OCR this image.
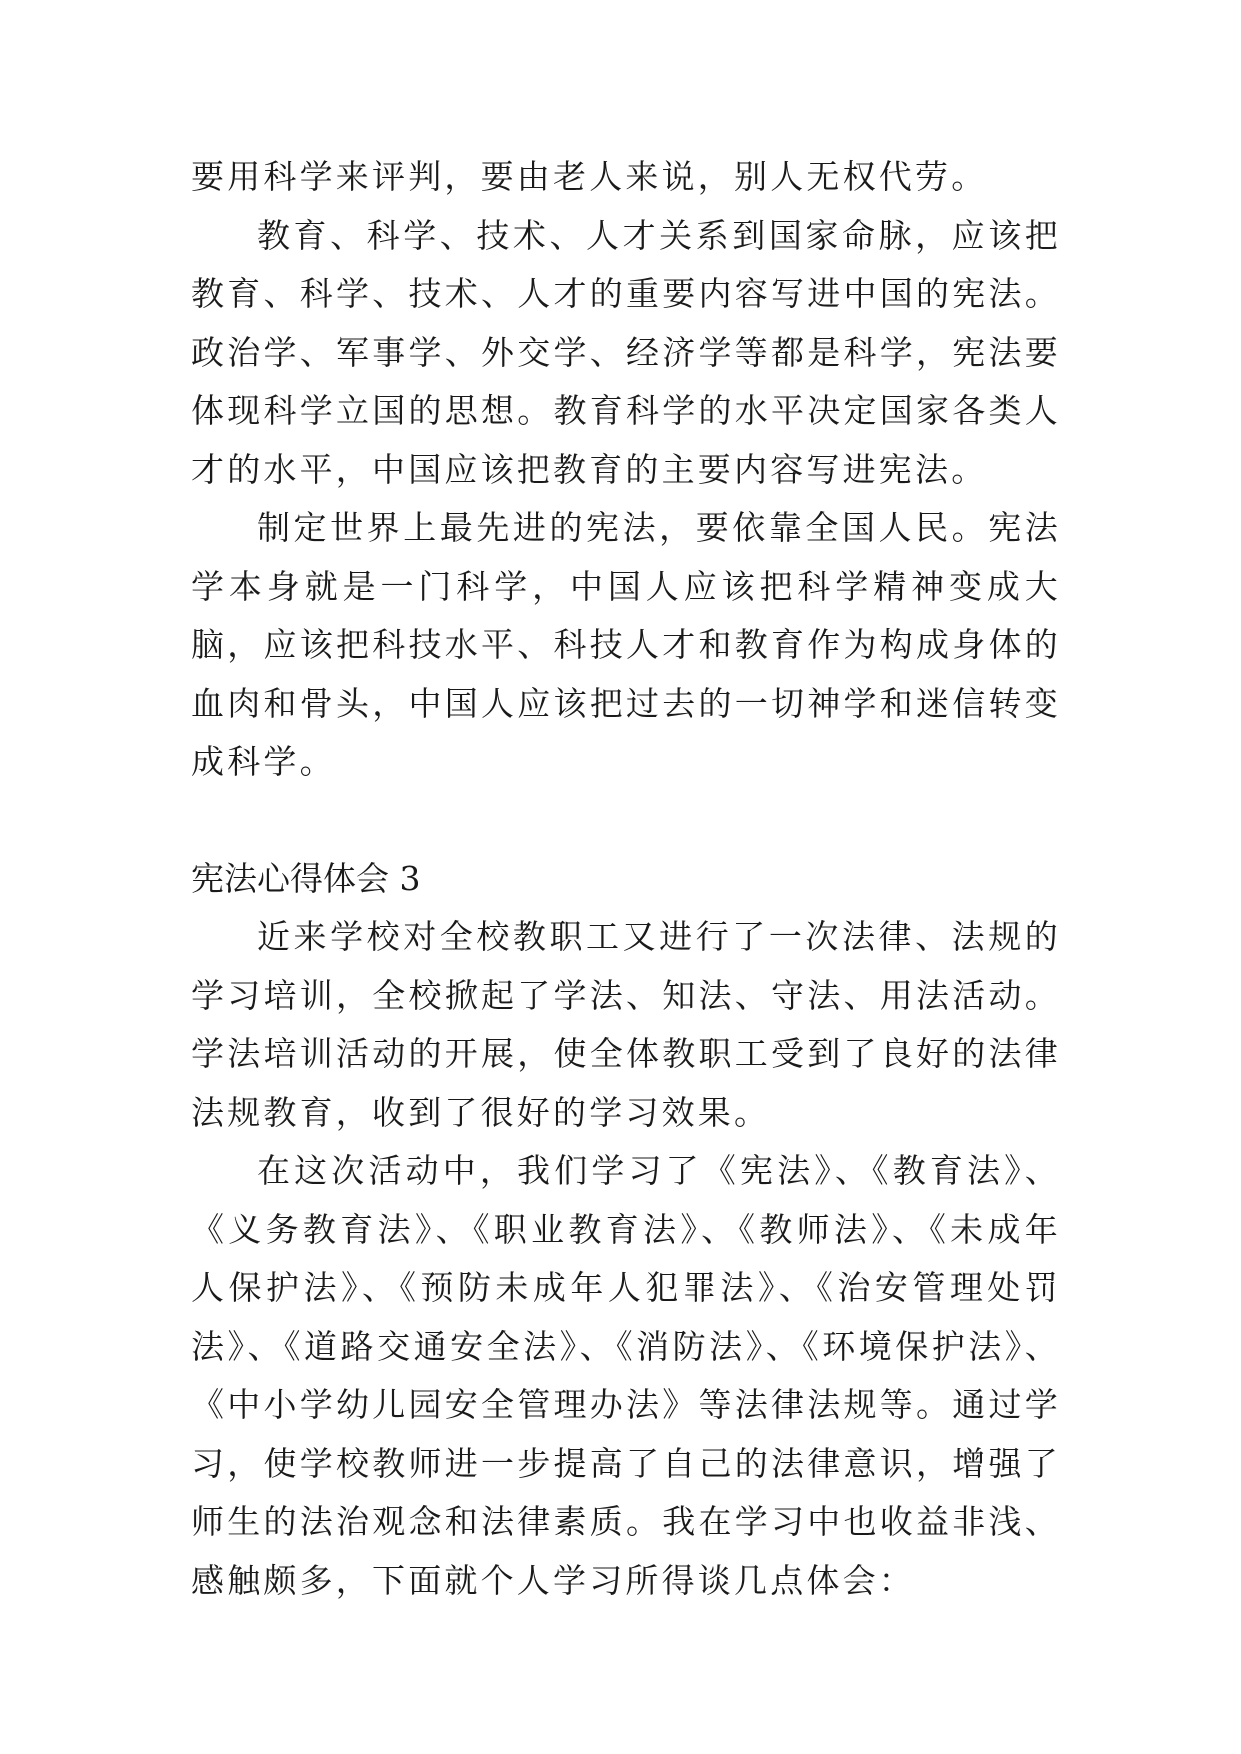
要用科学来评判，要由老人来说，别人无权代劳。

教育、科学、技术、人才关系到国家命脉，应该把教育、科学、技术、人才的重要内容写进中国的宪法。政治学、军事学、外交学、经济学等都是科学，宪法要体现科学立国的思想。教育科学的水平决定国家各类人才的水平，中国应该把教育的主要内容写进宪法。

制定世界上最先进的宪法，要依靠全国人民。宪法学本身就是一门科学，中国人应该把科学精神变成大脑，应该把科技水平、科技人才和教育作为构成身体的血肉和骨头，中国人应该把过去的一切神学和迷信转变成科学。

宪法心得体会 3

近来学校对全校教职工又进行了一次法律、法规的学习培训，全校掀起了学法、知法、守法、用法活动。学法培训活动的开展，使全体教职工受到了良好的法律法规教育，收到了很好的学习效果。

在这次活动中，我们学习了《宪法》、《教育法》、《义务教育法》、《职业教育法》、《教师法》、《未成年人保护法》、《预防未成年人犯罪法》、《治安管理处罚法》、《道路交通安全法》、《消防法》、《环境保护法》、《中小学幼儿园安全管理办法》等法律法规等。通过学习，使学校教师进一步提高了自己的法律意识，增强了师生的法治观念和法律素质。我在学习中也收益非浅、感触颇多，下面就个人学习所得谈几点体会：
